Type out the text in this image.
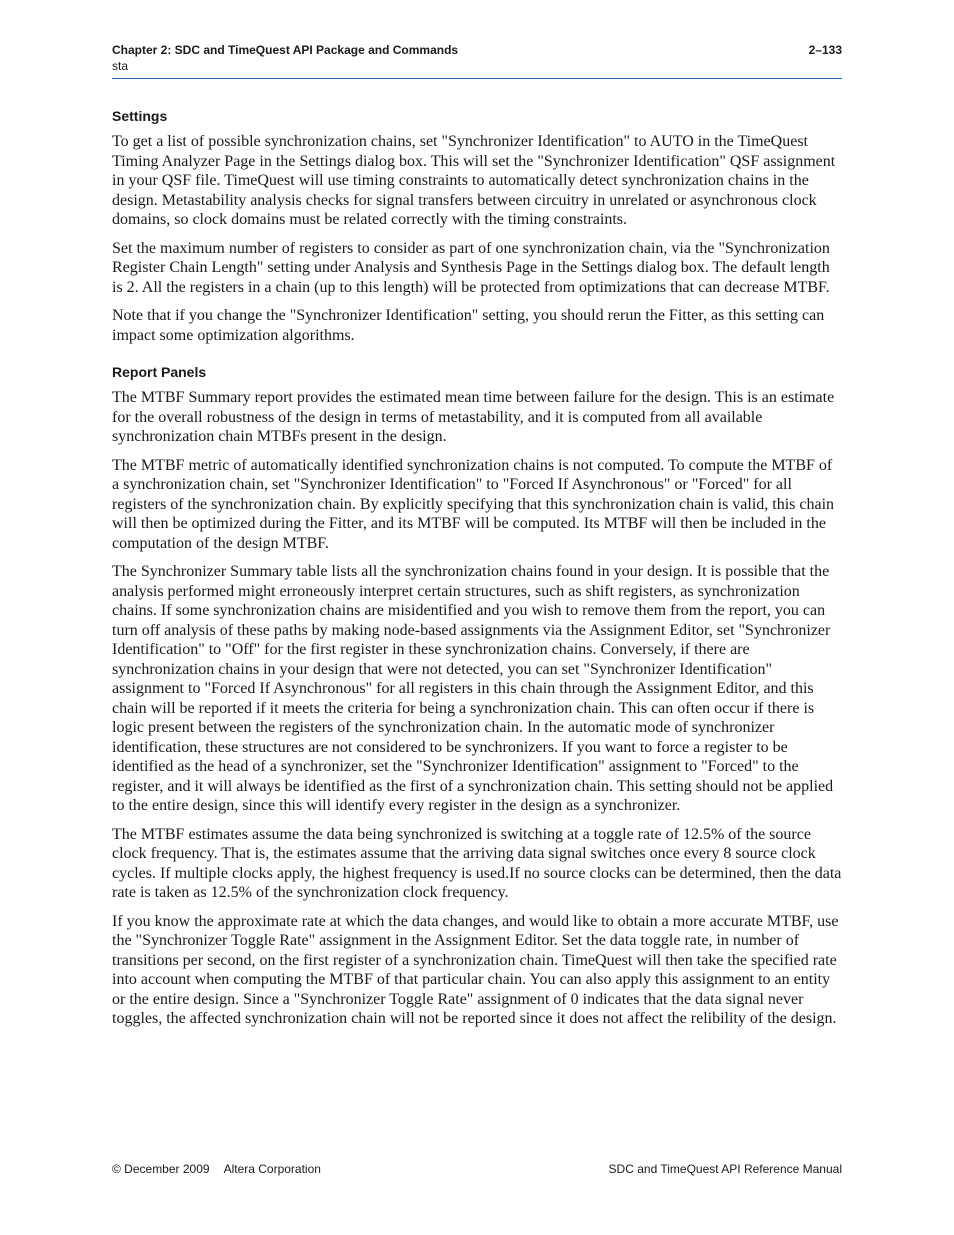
Chapter 2: SDC and TimeQuest API Package and Commands	2–133
sta
Settings

To get a list of possible synchronization chains, set "Synchronizer Identification" to AUTO in the TimeQuest Timing Analyzer Page in the Settings dialog box. This will set the "Synchronizer Identification" QSF assignment in your QSF file. TimeQuest will use timing constraints to automatically detect synchronization chains in the design. Metastability analysis checks for signal transfers between circuitry in unrelated or asynchronous clock domains, so clock domains must be related correctly with the timing constraints.

Set the maximum number of registers to consider as part of one synchronization chain, via the "Synchronization Register Chain Length" setting under Analysis and Synthesis Page in the Settings dialog box. The default length is 2. All the registers in a chain (up to this length) will be protected from optimizations that can decrease MTBF.

Note that if you change the "Synchronizer Identification" setting, you should rerun the Fitter, as this setting can impact some optimization algorithms.

Report Panels

The MTBF Summary report provides the estimated mean time between failure for the design. This is an estimate for the overall robustness of the design in terms of metastability, and it is computed from all available synchronization chain MTBFs present in the design.

The MTBF metric of automatically identified synchronization chains is not computed. To compute the MTBF of a synchronization chain, set "Synchronizer Identification" to "Forced If Asynchronous" or "Forced" for all registers of the synchronization chain. By explicitly specifying that this synchronization chain is valid, this chain will then be optimized during the Fitter, and its MTBF will be computed. Its MTBF will then be included in the computation of the design MTBF.

The Synchronizer Summary table lists all the synchronization chains found in your design. It is possible that the analysis performed might erroneously interpret certain structures, such as shift registers, as synchronization chains. If some synchronization chains are misidentified and you wish to remove them from the report, you can turn off analysis of these paths by making node-based assignments via the Assignment Editor, set "Synchronizer Identification" to "Off" for the first register in these synchronization chains. Conversely, if there are synchronization chains in your design that were not detected, you can set "Synchronizer Identification" assignment to "Forced If Asynchronous" for all registers in this chain through the Assignment Editor, and this chain will be reported if it meets the criteria for being a synchronization chain. This can often occur if there is logic present between the registers of the synchronization chain. In the automatic mode of synchronizer identification, these structures are not considered to be synchronizers. If you want to force a register to be identified as the head of a synchronizer, set the "Synchronizer Identification" assignment to "Forced" to the register, and it will always be identified as the first of a synchronization chain. This setting should not be applied to the entire design, since this will identify every register in the design as a synchronizer.

The MTBF estimates assume the data being synchronized is switching at a toggle rate of 12.5% of the source clock frequency. That is, the estimates assume that the arriving data signal switches once every 8 source clock cycles. If multiple clocks apply, the highest frequency is used.If no source clocks can be determined, then the data rate is taken as 12.5% of the synchronization clock frequency.

If you know the approximate rate at which the data changes, and would like to obtain a more accurate MTBF, use the "Synchronizer Toggle Rate" assignment in the Assignment Editor. Set the data toggle rate, in number of transitions per second, on the first register of a synchronization chain. TimeQuest will then take the specified rate into account when computing the MTBF of that particular chain. You can also apply this assignment to an entity or the entire design. Since a "Synchronizer Toggle Rate" assignment of 0 indicates that the data signal never toggles, the affected synchronization chain will not be reported since it does not affect the relibility of the design.

© December 2009 Altera Corporation	SDC and TimeQuest API Reference Manual
